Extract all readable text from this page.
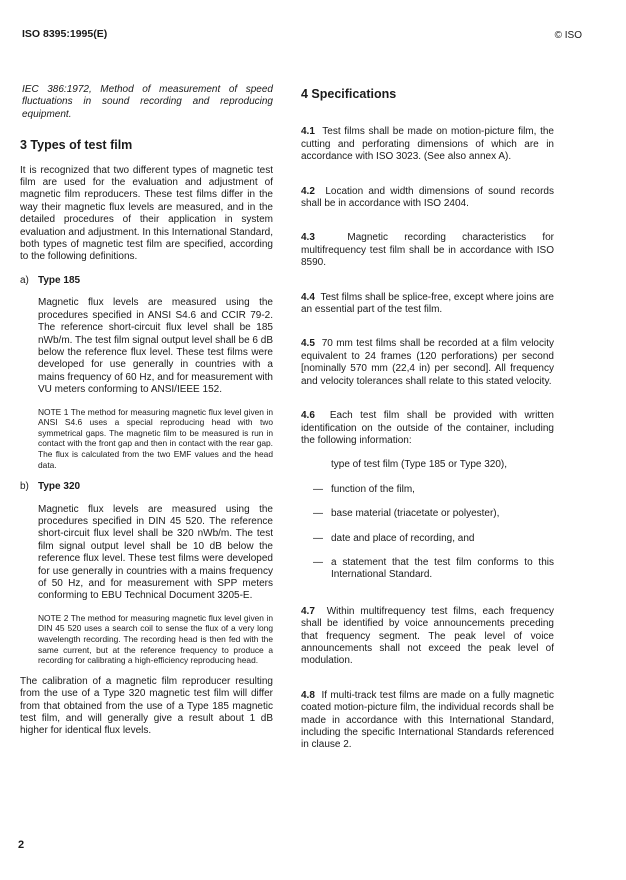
ISO 8395:1995(E)	© ISO

IEC 386:1972, Method of measurement of speed fluctuations in sound recording and reproducing equipment.

3 Types of test film

It is recognized that two different types of magnetic test film are used for the evaluation and adjustment of magnetic film reproducers. These test films differ in the way their magnetic flux levels are measured, and in the detailed procedures of their application in system evaluation and adjustment. In this International Standard, both types of magnetic test film are specified, according to the following definitions.

a) Type 185

Magnetic flux levels are measured using the procedures specified in ANSI S4.6 and CCIR 79-2. The reference short-circuit flux level shall be 185 nWb/m. The test film signal output level shall be 6 dB below the reference flux level. These test films were developed for use generally in countries with a mains frequency of 60 Hz, and for measurement with VU meters conforming to ANSI/IEEE 152.

NOTE 1 The method for measuring magnetic flux level given in ANSI S4.6 uses a special reproducing head with two symmetrical gaps. The magnetic film to be measured is run in contact with the front gap and then in contact with the rear gap. The flux is calculated from the two EMF values and the head data.

b) Type 320

Magnetic flux levels are measured using the procedures specified in DIN 45 520. The reference short-circuit flux level shall be 320 nWb/m. The test film signal output level shall be 10 dB below the reference flux level. These test films were developed for use generally in countries with a mains frequency of 50 Hz, and for measurement with SPP meters conforming to EBU Technical Document 3205-E.

NOTE 2 The method for measuring magnetic flux level given in DIN 45 520 uses a search coil to sense the flux of a very long wavelength recording. The recording head is then fed with the same current, but at the reference frequency to produce a recording for calibrating a high-efficiency reproducing head.

The calibration of a magnetic film reproducer resulting from the use of a Type 320 magnetic test film will differ from that obtained from the use of a Type 185 magnetic test film, and will generally give a result about 1 dB higher for identical flux levels.

4 Specifications

4.1 Test films shall be made on motion-picture film, the cutting and perforating dimensions of which are in accordance with ISO 3023. (See also annex A).

4.2 Location and width dimensions of sound records shall be in accordance with ISO 2404.

4.3	Magnetic recording characteristics for multifrequency test film shall be in accordance with ISO 8590.

4.4 Test films shall be splice-free, except where joins are an essential part of the test film.

4.5 70 mm test films shall be recorded at a film velocity equivalent to 24 frames (120 perforations) per second [nominally 570 mm (22,4 in) per second]. All frequency and velocity tolerances shall relate to this stated velocity.

4.6 Each test film shall be provided with written identification on the outside of the container, including the following information:

type of test film (Type 185 or Type 320),

— function of the film,
— base material (triacetate or polyester),
— date and place of recording, and
— a statement that the test film conforms to this International Standard.

4.7 Within multifrequency test films, each frequency shall be identified by voice announcements preceding that frequency segment. The peak level of voice announcements shall not exceed the peak level of modulation.

4.8 If multi-track test films are made on a fully magnetic coated motion-picture film, the individual records shall be made in accordance with this International Standard, including the specific International Standards referenced in clause 2.

2
